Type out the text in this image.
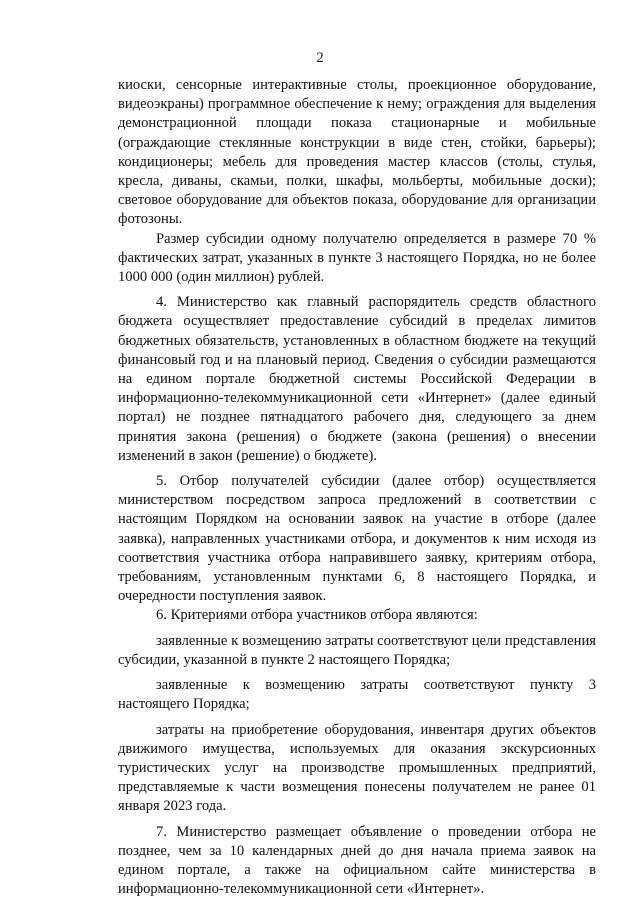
2

киоски, сенсорные интерактивные столы, проекционное оборудование, видеоэкраны) программное обеспечение к нему; ограждения для выделения демонстрационной площади показа стационарные и мобильные (ограждающие стеклянные конструкции в виде стен, стойки, барьеры); кондиционеры; мебель для проведения мастер классов (столы, стулья, кресла, диваны, скамьи, полки, шкафы, мольберты, мобильные доски); световое оборудование для объектов показа, оборудование для организации фотозоны.

Размер субсидии одному получателю определяется в размере 70 % фактических затрат, указанных в пункте 3 настоящего Порядка, но не более 1000 000 (один миллион) рублей.

4. Министерство как главный распорядитель средств областного бюджета осуществляет предоставление субсидий в пределах лимитов бюджетных обязательств, установленных в областном бюджете на текущий финансовый год и на плановый период. Сведения о субсидии размещаются на едином портале бюджетной системы Российской Федерации в информационно-телекоммуникационной сети «Интернет» (далее единый портал) не позднее пятнадцатого рабочего дня, следующего за днем принятия закона (решения) о бюджете (закона (решения) о внесении изменений в закон (решение) о бюджете).

5. Отбор получателей субсидии (далее отбор) осуществляется министерством посредством запроса предложений в соответствии с настоящим Порядком на основании заявок на участие в отборе (далее заявка), направленных участниками отбора, и документов к ним исходя из соответствия участника отбора направившего заявку, критериям отбора, требованиям, установленным пунктами 6, 8 настоящего Порядка, и очередности поступления заявок.

6. Критериями отбора участников отбора являются:

заявленные к возмещению затраты соответствуют цели представления субсидии, указанной в пункте 2 настоящего Порядка;

заявленные к возмещению затраты соответствуют пункту 3 настоящего Порядка;

затраты на приобретение оборудования, инвентаря других объектов движимого имущества, используемых для оказания экскурсионных туристических услуг на производстве промышленных предприятий, представляемые к части возмещения понесены получателем не ранее 01 января 2023 года.

7. Министерство размещает объявление о проведении отбора не позднее, чем за 10 календарных дней до дня начала приема заявок на едином портале, а также на официальном сайте министерства в информационно-телекоммуникационной сети «Интернет».
